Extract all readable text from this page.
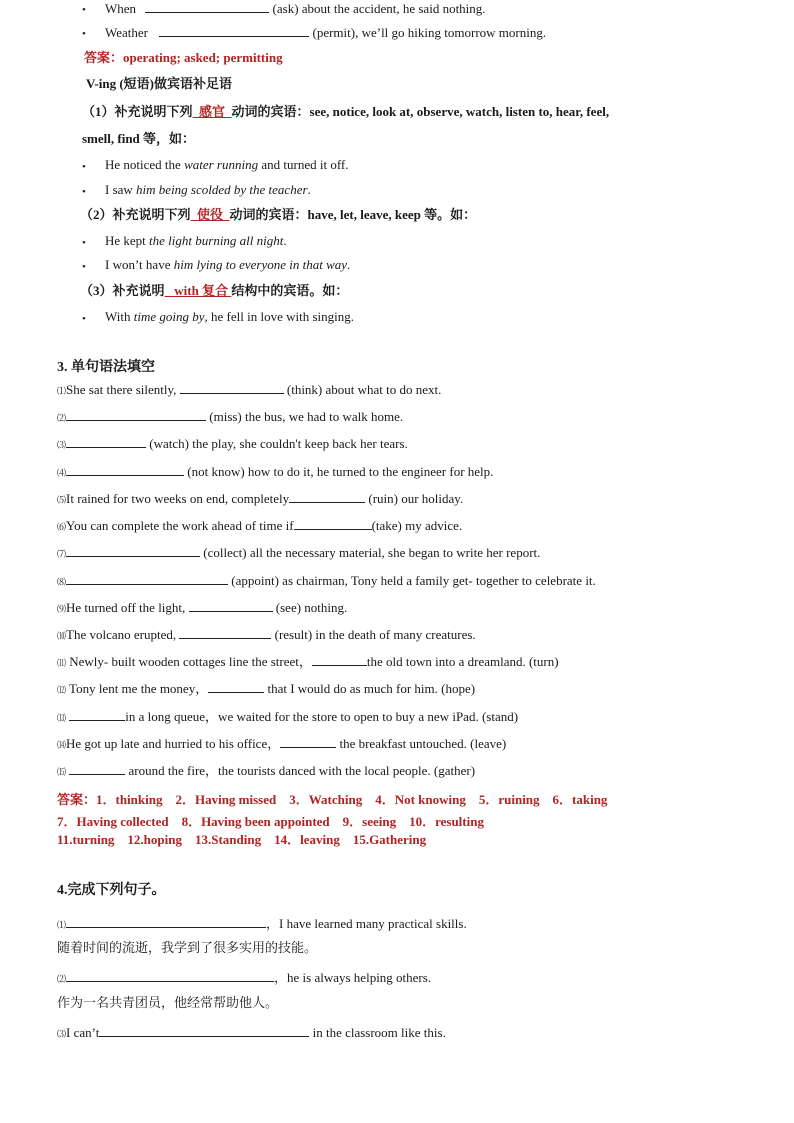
• When	(ask) about the accident, he said nothing.
• Weather	(permit), we’ll go hiking tomorrow morning.
答案：operating; asked; permitting
V-ing (短语)做宾语补足语
（1）补充说明下列 感官 动词的宾语：see, notice, look at, observe, watch, listen to, hear, feel,
smell, find 等，如：
• He noticed the water running and turned it off.
• I saw him being scolded by the teacher.
（2）补充说明下列 使役 动词的宾语：have, let, leave, keep 等。如：
• He kept the light burning all night.
• I won’t have him lying to everyone in that way.
（3）补充说明 with 复合 结构中的宾语。如：
• With time going by, he fell in love with singing.
3. 单句语法填空
⑴She sat there silently,	(think) about what to do next.
⑵	(miss) the bus, we had to walk home.
⑶	(watch) the play, she couldn't keep back her tears.
⑷	(not know) how to do it, he turned to the engineer for help.
⑸It rained for two weeks on end, completely	(ruin) our holiday.
⑹You can complete the work ahead of time if	(take) my advice.
⑺	(collect) all the necessary material, she began to write her report.
⑻	(appoint) as chairman, Tony held a family get- together to celebrate it.
⑼He turned off the light,	(see) nothing.
⑽The volcano erupted,	(result) in the death of many creatures.
⑾ Newly- built wooden cottages line the street，	the old town into a dreamland. (turn)
⑿ Tony lent me the money，	that I would do as much for him. (hope)
⒀	in a long queue，we waited for the store to open to buy a new iPad. (stand)
⒁He got up late and hurried to his office，	the breakfast untouched. (leave)
⒂	around the fire，the tourists danced with the local people. (gather)
答案：1．thinking　2．Having missed　3．Watching　4．Not knowing　5．ruining　6．taking
7．Having collected　8．Having been appointed　9．seeing　10．resulting
11.turning　12.hoping　13.Standing　14．leaving　15.Gathering
4.完成下列句子。
⑴	，I have learned many practical skills.
随着时间的流逝，我学到了很多实用的技能。
⑵	，he is always helping others.
作为一名共青团员，他经常帮助他人。
⑶I can’t	in the classroom like this.
